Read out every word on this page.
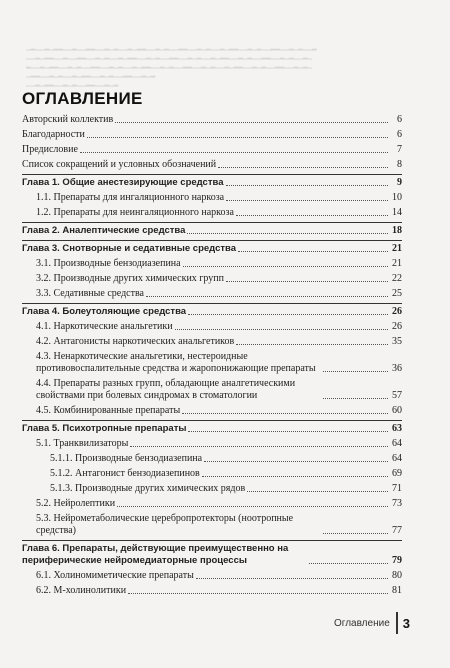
▁▂▁▁▂▁▂▂▁▁▂▁▁▂▂▁▁▂▁▂▁▁▂▁▂▂▁▁▂▁▂▁▁▂▂▁▁▂▁▂▁▁▂▁▂▂▁▁▂▁▂▁▁▂▂▁▁▂▁▂▁▁▂
▁▁▂▁▂▂▁▁▂▁▁▂▂▁▁▂▁▂▁▁▂▁▂▂▁▁▂▁▂▁▁▂▂▁▁▂▁▂▁▁▂▁▂▂▁▁▂▁▂▁▁▂▂▁▁▂▁▂▁▁▂▁
▂▁▁▂▁▂▂▁▁▂▁▂▁▁▂▂▁▁▂▁▂▁▁▂▁▂▂▁▁▂▁▂▁▁▂▂▁▁▂▁▂▁▁▂▁▂▂▁▁▂▁▂▁▁▂▂▁▁▂▁▂▁
▁▂▂▁▁▂▁▂▁▁▂▁▂▂▁▁▂▁▂▁▁▂▂▁▁▂▁▂
▁▁▂▁▂▂▁▁▂▁▂▁▁▂▂▁▁▂▁▂
ОГЛАВЛЕНИЕ
Авторский коллектив	6
Благодарности	6
Предисловие	7
Список сокращений и условных обозначений	8
Глава 1. Общие анестезирующие средства	9
1.1. Препараты для ингаляционного наркоза	10
1.2. Препараты для неингаляционного наркоза	14
Глава 2. Аналептические средства	18
Глава 3. Снотворные и седативные средства	21
3.1. Производные бензодиазепина	21
3.2. Производные других химических групп	22
3.3. Седативные средства	25
Глава 4. Болеутоляющие средства	26
4.1. Наркотические анальгетики	26
4.2. Антагонисты наркотических анальгетиков	35
4.3. Ненаркотические анальгетики, нестероидные противовоспалительные средства и жаропонижающие препараты	36
4.4. Препараты разных групп, обладающие аналгетическими свойствами при болевых синдромах в стоматологии	57
4.5. Комбинированные препараты	60
Глава 5. Психотропные препараты	63
5.1. Транквилизаторы	64
5.1.1. Производные бензодиазепина	64
5.1.2. Антагонист бензодиазепинов	69
5.1.3. Производные других химических рядов	71
5.2. Нейролептики	73
5.3. Нейрометаболические церебропротекторы (ноотропные средства)	77
Глава 6. Препараты, действующие преимущественно на периферические нейромедиаторные процессы	79
6.1. Холиномиметические препараты	80
6.2. М-холинолитики	81
Оглавление 3
